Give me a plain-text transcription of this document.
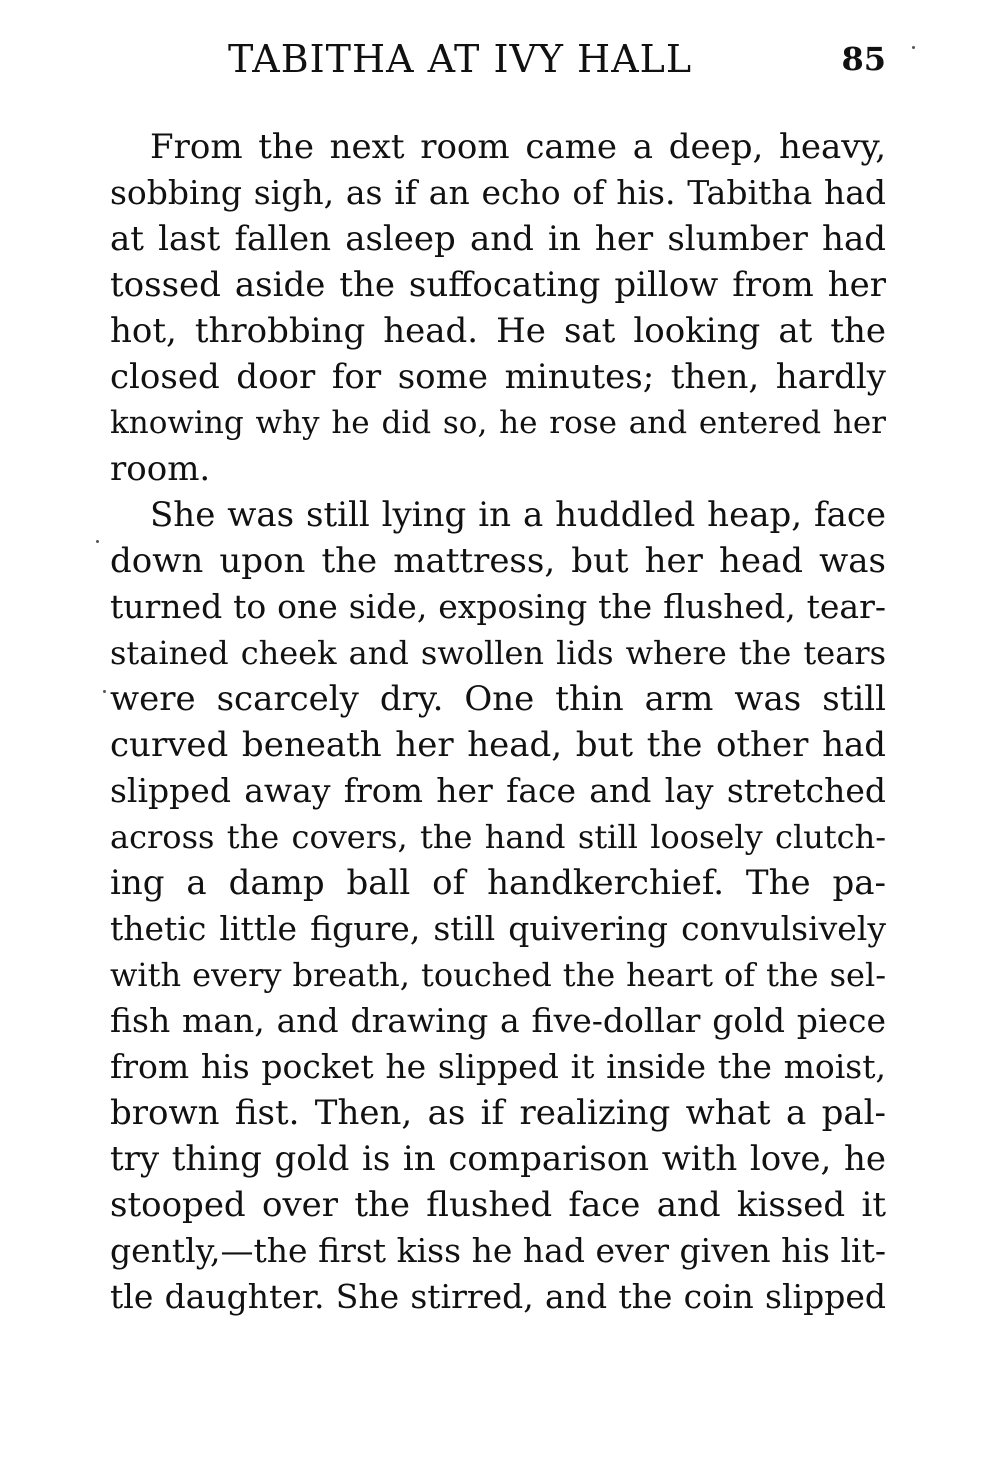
TABITHA AT IVY HALL	85
From the next room came a deep, heavy,
sobbing sigh, as if an echo of his. Tabitha had
at last fallen asleep and in her slumber had
tossed aside the suffocating pillow from her
hot, throbbing head. He sat looking at the
closed door for some minutes; then, hardly
knowing why he did so, he rose and entered her
room.
She was still lying in a huddled heap, face
down upon the mattress, but her head was
turned to one side, exposing the flushed, tear-
stained cheek and swollen lids where the tears
were scarcely dry. One thin arm was still
curved beneath her head, but the other had
slipped away from her face and lay stretched
across the covers, the hand still loosely clutch-
ing a damp ball of handkerchief. The pa-
thetic little figure, still quivering convulsively
with every breath, touched the heart of the sel-
fish man, and drawing a five-dollar gold piece
from his pocket he slipped it inside the moist,
brown fist. Then, as if realizing what a pal-
try thing gold is in comparison with love, he
stooped over the flushed face and kissed it
gently,—the first kiss he had ever given his lit-
tle daughter. She stirred, and the coin slipped
